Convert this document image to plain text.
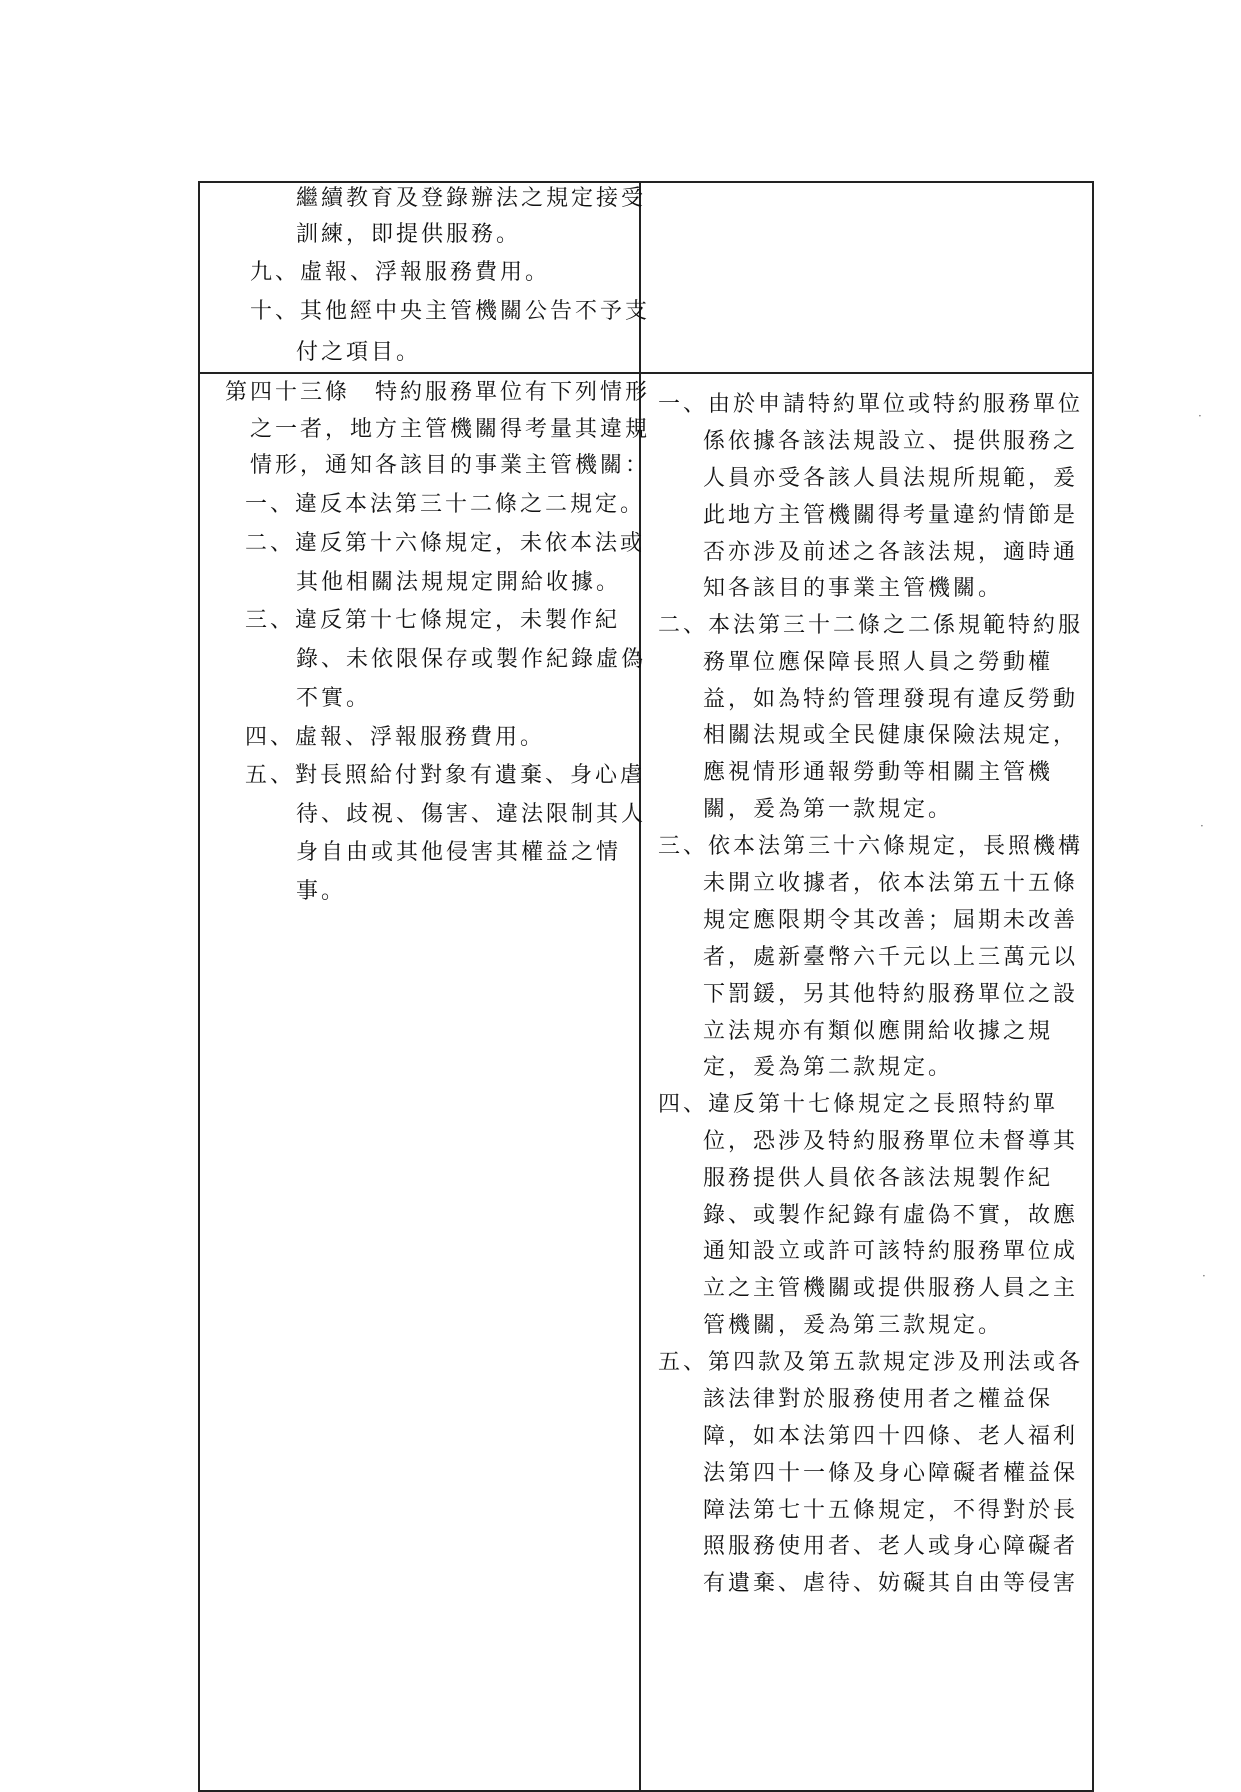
繼續教育及登錄辦法之規定接受
訓練，即提供服務。
九、虛報、浮報服務費用。
十、其他經中央主管機關公告不予支
付之項目。
第四十三條　特約服務單位有下列情形
之一者，地方主管機關得考量其違規
情形，通知各該目的事業主管機關：
一、違反本法第三十二條之二規定。
二、違反第十六條規定，未依本法或
其他相關法規規定開給收據。
三、違反第十七條規定，未製作紀
錄、未依限保存或製作紀錄虛偽
不實。
四、虛報、浮報服務費用。
五、對長照給付對象有遺棄、身心虐
待、歧視、傷害、違法限制其人
身自由或其他侵害其權益之情
事。
一、由於申請特約單位或特約服務單位
係依據各該法規設立、提供服務之
人員亦受各該人員法規所規範，爰
此地方主管機關得考量違約情節是
否亦涉及前述之各該法規，適時通
知各該目的事業主管機關。
二、本法第三十二條之二係規範特約服
務單位應保障長照人員之勞動權
益，如為特約管理發現有違反勞動
相關法規或全民健康保險法規定，
應視情形通報勞動等相關主管機
關，爰為第一款規定。
三、依本法第三十六條規定，長照機構
未開立收據者，依本法第五十五條
規定應限期令其改善；屆期未改善
者，處新臺幣六千元以上三萬元以
下罰鍰，另其他特約服務單位之設
立法規亦有類似應開給收據之規
定，爰為第二款規定。
四、違反第十七條規定之長照特約單
位，恐涉及特約服務單位未督導其
服務提供人員依各該法規製作紀
錄、或製作紀錄有虛偽不實，故應
通知設立或許可該特約服務單位成
立之主管機關或提供服務人員之主
管機關，爰為第三款規定。
五、第四款及第五款規定涉及刑法或各
該法律對於服務使用者之權益保
障，如本法第四十四條、老人福利
法第四十一條及身心障礙者權益保
障法第七十五條規定，不得對於長
照服務使用者、老人或身心障礙者
有遺棄、虐待、妨礙其自由等侵害
·
·
·
